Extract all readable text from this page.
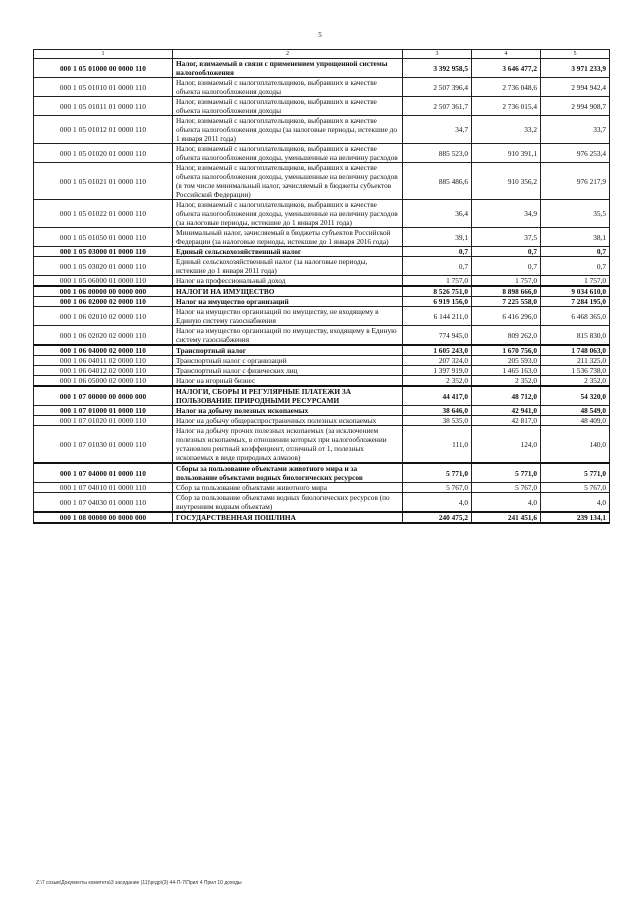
5
1	2	3	4	5
000 1 05 01000 00 0000 110	Налог, взимаемый в связи с применением упрощенной системы налогообложения	3 392 958,5	3 646 477,2	3 971 233,9
000 1 05 01010 01 0000 110	Налог, взимаемый с налогоплательщиков, выбравших в качестве объекта налогообложения доходы	2 507 396,4	2 736 048,6	2 994 942,4
000 1 05 01011 01 0000 110	Налог, взимаемый с налогоплательщиков, выбравших в качестве объекта налогообложения доходы	2 507 361,7	2 736 015,4	2 994 908,7
000 1 05 01012 01 0000 110	Налог, взимаемый с налогоплательщиков, выбравших в качестве объекта налогообложения доходы (за налоговые периоды, истекшие до 1 января 2011 года)	34,7	33,2	33,7
000 1 05 01020 01 0000 110	Налог, взимаемый с налогоплательщиков, выбравших в качестве объекта налогообложения доходы, уменьшенные на величину расходов	885 523,0	910 391,1	976 253,4
000 1 05 01021 01 0000 110	Налог, взимаемый с налогоплательщиков, выбравших в качестве объекта налогообложения доходы, уменьшенные на величину расходов (в том числе минимальный налог, зачисляемый в бюджеты субъектов Российской Федерации)	885 486,6	910 356,2	976 217,9
000 1 05 01022 01 0000 110	Налог, взимаемый с налогоплательщиков, выбравших в качестве объекта налогообложения доходы, уменьшенные на величину расходов (за налоговые периоды, истекшие до 1 января 2011 года)	36,4	34,9	35,5
000 1 05 01050 01 0000 110	Минимальный налог, зачисляемый в бюджеты субъектов Российской Федерации (за налоговые периоды, истекшие до 1 января 2016 года)	39,1	37,5	38,1
000 1 05 03000 01 0000 110	Единый сельскохозяйственный налог	0,7	0,7	0,7
000 1 05 03020 01 0000 110	Единый сельскохозяйственный налог (за налоговые периоды, истекшие до 1 января 2011 года)	0,7	0,7	0,7
000 1 05 06000 01 0000 110	Налог на профессиональный доход	1 757,0	1 757,0	1 757,0
000 1 06 00000 00 0000 000	НАЛОГИ НА ИМУЩЕСТВО	8 526 751,0	8 898 666,0	9 034 610,0
000 1 06 02000 02 0000 110	Налог на имущество организаций	6 919 156,0	7 225 558,0	7 284 195,0
000 1 06 02010 02 0000 110	Налог на имущество организаций по имуществу, не входящему в Единую систему газоснабжения	6 144 211,0	6 416 296,0	6 468 365,0
000 1 06 02020 02 0000 110	Налог на имущество организаций по имуществу, входящему в Единую систему газоснабжения	774 945,0	809 262,0	815 830,0
000 1 06 04000 02 0000 110	Транспортный налог	1 605 243,0	1 670 756,0	1 748 063,0
000 1 06 04011 02 0000 110	Транспортный налог с организаций	207 324,0	205 593,0	211 325,0
000 1 06 04012 02 0000 110	Транспортный налог с физических лиц	1 397 919,0	1 465 163,0	1 536 738,0
000 1 06 05000 02 0000 110	Налог на игорный бизнес	2 352,0	2 352,0	2 352,0
000 1 07 00000 00 0000 000	НАЛОГИ, СБОРЫ И РЕГУЛЯРНЫЕ ПЛАТЕЖИ ЗА ПОЛЬЗОВАНИЕ ПРИРОДНЫМИ РЕСУРСАМИ	44 417,0	48 712,0	54 320,0
000 1 07 01000 01 0000 110	Налог на добычу полезных ископаемых	38 646,0	42 941,0	48 549,0
000 1 07 01020 01 0000 110	Налог на добычу общераспространенных полезных ископаемых	38 535,0	42 817,0	48 409,0
000 1 07 01030 01 0000 110	Налог на добычу прочих полезных ископаемых (за исключением полезных ископаемых, в отношении которых при налогообложении установлен рентный коэффициент, отличный от 1, полезных ископаемых в виде природных алмазов)	111,0	124,0	140,0
000 1 07 04000 01 0000 110	Сборы за пользование объектами животного мира и за пользование объектами водных биологических ресурсов	5 771,0	5 771,0	5 771,0
000 1 07 04010 01 0000 110	Сбор за пользование объектами животного мира	5 767,0	5 767,0	5 767,0
000 1 07 04030 01 0000 110	Сбор за пользование объектами водных биологических ресурсов (по внутренним водным объектам)	4,0	4,0	4,0
000 1 08 00000 00 0000 000	ГОСУДАРСТВЕННАЯ ПОШЛИНА	240 475,2	241 451,6	239 134,1
Z:\7 созыв\Документы комитета\3 заседание (11)\ргдр\(3) 44-П-7\Прил 4 Прил 10 доходы
